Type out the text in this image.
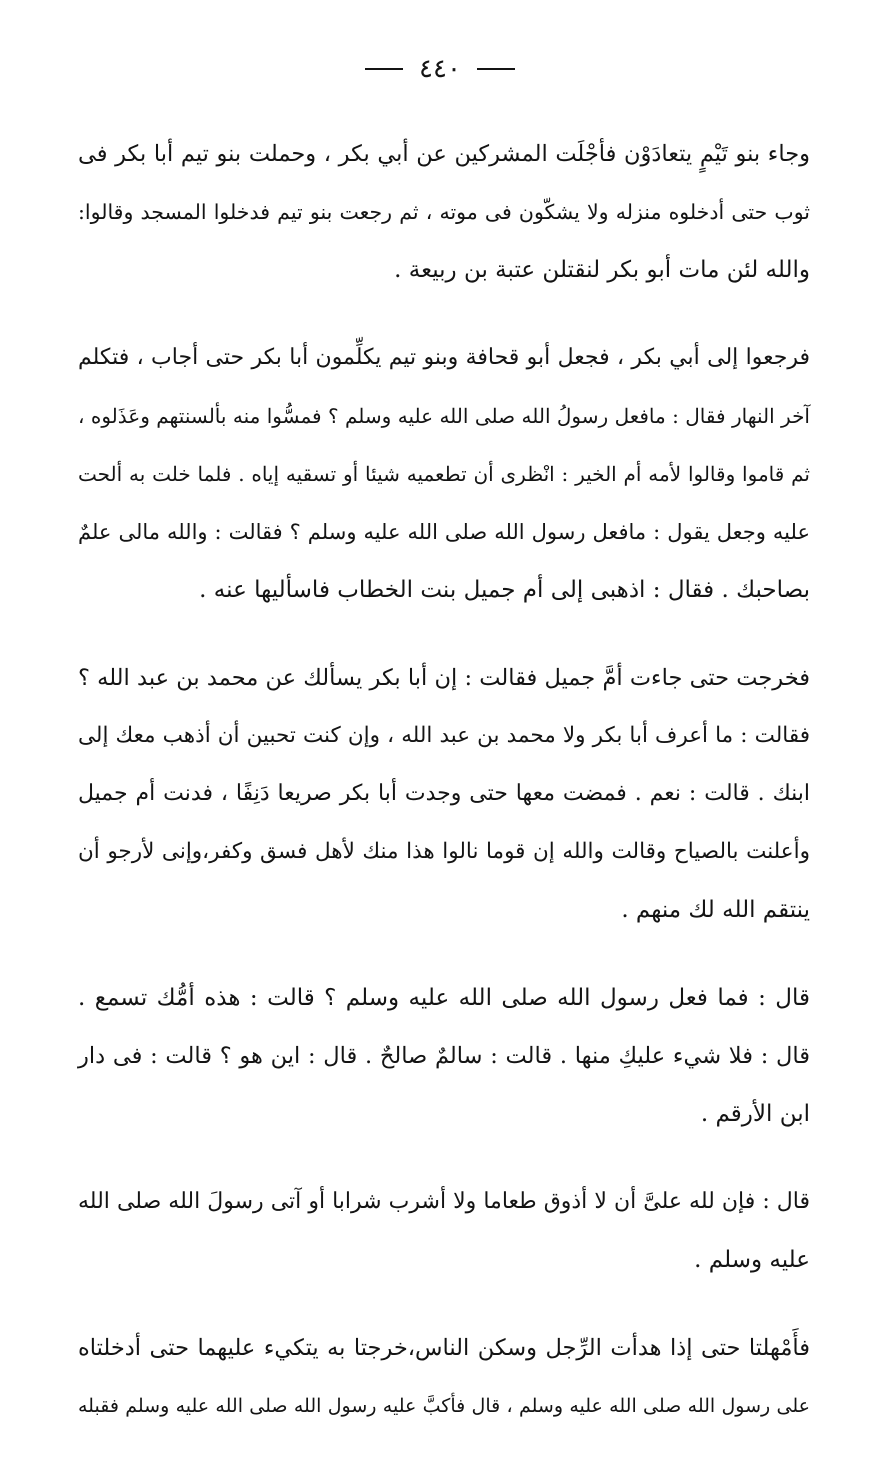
٤٤٠
وجاء بنو تَيْمٍ يتعادَوْن فأجْلَت المشركين عن أبي بكر ، وحملت بنو تيم أبا بكر فى
ثوب حتى أدخلوه منزله ولا يشكّون فى موته ، ثم رجعت بنو تيم فدخلوا المسجد وقالوا:
والله لئن مات أبو بكر لنقتلن عتبة بن ربيعة .
فرجعوا إلى أبي بكر ، فجعل أبو قحافة وبنو تيم يكلِّمون أبا بكر حتى أجاب ، فتكلم
آخر النهار فقال : مافعل رسولُ الله صلى الله عليه وسلم ؟ فمسُّوا منه بألسنتهم وعَذَلوه ،
ثم قاموا وقالوا لأمه أم الخير : انْظرى أن تطعميه شيئا أو تسقيه إياه . فلما خلت به ألحت
عليه وجعل يقول : مافعل رسول الله صلى الله عليه وسلم ؟ فقالت : والله مالى علمٌ
بصاحبك . فقال : اذهبى إلى أم جميل بنت الخطاب فاسأليها عنه .
فخرجت حتى جاءت أمَّ جميل فقالت : إن أبا بكر يسألك عن محمد بن عبد الله ؟
فقالت : ما أعرف أبا بكر ولا محمد بن عبد الله ، وإن كنت تحبين أن أذهب معك إلى
ابنك . قالت : نعم . فمضت معها حتى وجدت أبا بكر صريعا دَنِفًا ، فدنت أم جميل
وأعلنت بالصياح وقالت والله إن قوما نالوا هذا منك لأهل فسق وكفر،وإنى لأرجو أن
ينتقم الله لك منهم .
قال : فما فعل رسول الله صلى الله عليه وسلم ؟ قالت : هذه أمُّك تسمع .
قال : فلا شيء عليكِ منها . قالت : سالمٌ صالحٌ . قال : اين هو ؟ قالت : فى دار
ابن الأرقم .
قال : فإن لله علىَّ أن لا أذوق طعاما ولا أشرب شرابا أو آتى رسولَ الله صلى الله
عليه وسلم .
فأَمْهلتا حتى إذا هدأت الرِّجل وسكن الناس،خرجتا به يتكيء عليهما حتى أدخلتاه
على رسول الله صلى الله عليه وسلم ، قال فأكبَّ عليه رسول الله صلى الله عليه وسلم فقبله
